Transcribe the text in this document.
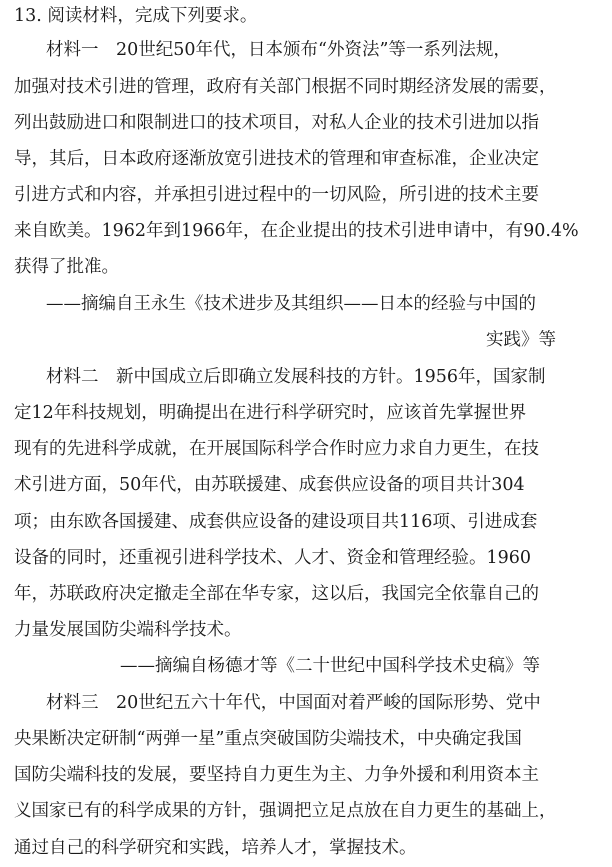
13. 阅读材料，完成下列要求。
材料一　20世纪50年代，日本颁布“外资法”等一系列法规，
加强对技术引进的管理，政府有关部门根据不同时期经济发展的需要，
列出鼓励进口和限制进口的技术项目，对私人企业的技术引进加以指
导，其后，日本政府逐渐放宽引进技术的管理和审查标准，企业决定
引进方式和内容，并承担引进过程中的一切风险，所引进的技术主要
来自欧美。1962年到1966年，在企业提出的技术引进申请中，有90.4%
获得了批准。
——摘编自王永生《技术进步及其组织——日本的经验与中国的
实践》等
材料二　新中国成立后即确立发展科技的方针。1956年，国家制
定12年科技规划，明确提出在进行科学研究时，应该首先掌握世界
现有的先进科学成就，在开展国际科学合作时应力求自力更生，在技
术引进方面，50年代，由苏联援建、成套供应设备的项目共计304
项；由东欧各国援建、成套供应设备的建设项目共116项、引进成套
设备的同时，还重视引进科学技术、人才、资金和管理经验。1960
年，苏联政府决定撤走全部在华专家，这以后，我国完全依靠自己的
力量发展国防尖端科学技术。
——摘编自杨德才等《二十世纪中国科学技术史稿》等
材料三　20世纪五六十年代，中国面对着严峻的国际形势、党中
央果断决定研制“两弹一星”重点突破国防尖端技术，中央确定我国
国防尖端科技的发展，要坚持自力更生为主、力争外援和利用资本主
义国家已有的科学成果的方针，强调把立足点放在自力更生的基础上，
通过自己的科学研究和实践，培养人才，掌握技术。
